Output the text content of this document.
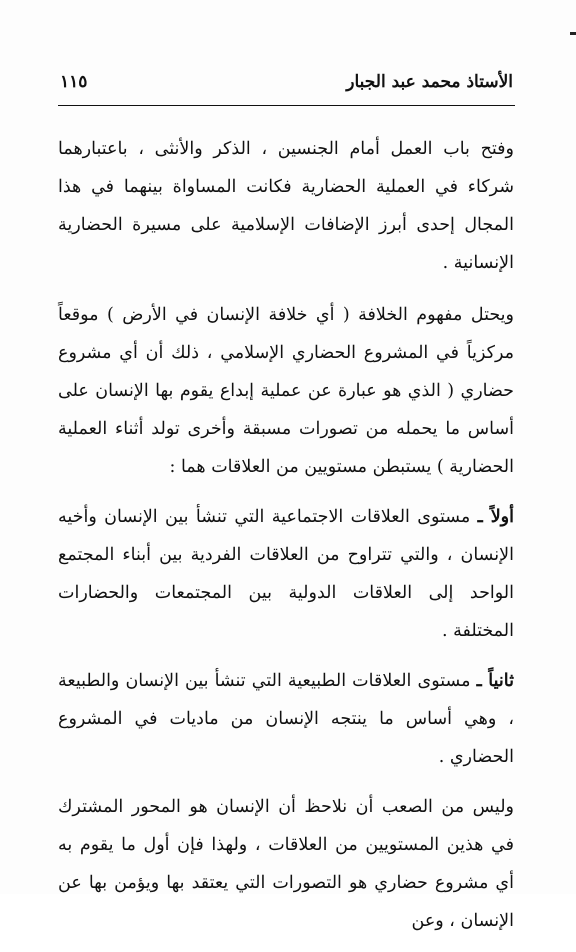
الأستاذ محمد عبد الجبار
١١٥

وفتح باب العمل أمام الجنسين ، الذكر والأنثى ، باعتبارهما شركاء في العملية الحضارية فكانت المساواة بينهما في هذا المجال إحدى أبرز الإضافات الإسلامية على مسيرة الحضارية الإنسانية .

ويحتل مفهوم الخلافة ( أي خلافة الإنسان في الأرض ) موقعاً مركزياً في المشروع الحضاري الإسلامي ، ذلك أن أي مشروع حضاري ( الذي هو عبارة عن عملية إبداع يقوم بها الإنسان على أساس ما يحمله من تصورات مسبقة وأخرى تولد أثناء العملية الحضارية ) يستبطن مستويين من العلاقات هما :

أولاً ـ مستوى العلاقات الاجتماعية التي تنشأ بين الإنسان وأخيه الإنسان ، والتي تتراوح من العلاقات الفردية بين أبناء المجتمع الواحد إلى العلاقات الدولية بين المجتمعات والحضارات المختلفة .

ثانياً ـ مستوى العلاقات الطبيعية التي تنشأ بين الإنسان والطبيعة ، وهي أساس ما ينتجه الإنسان من ماديات في المشروع الحضاري .

وليس من الصعب أن نلاحظ أن الإنسان هو المحور المشترك في هذين المستويين من العلاقات ، ولهذا فإن أول ما يقوم به أي مشروع حضاري هو التصورات التي يعتقد بها ويؤمن بها عن الإنسان ، وعن
